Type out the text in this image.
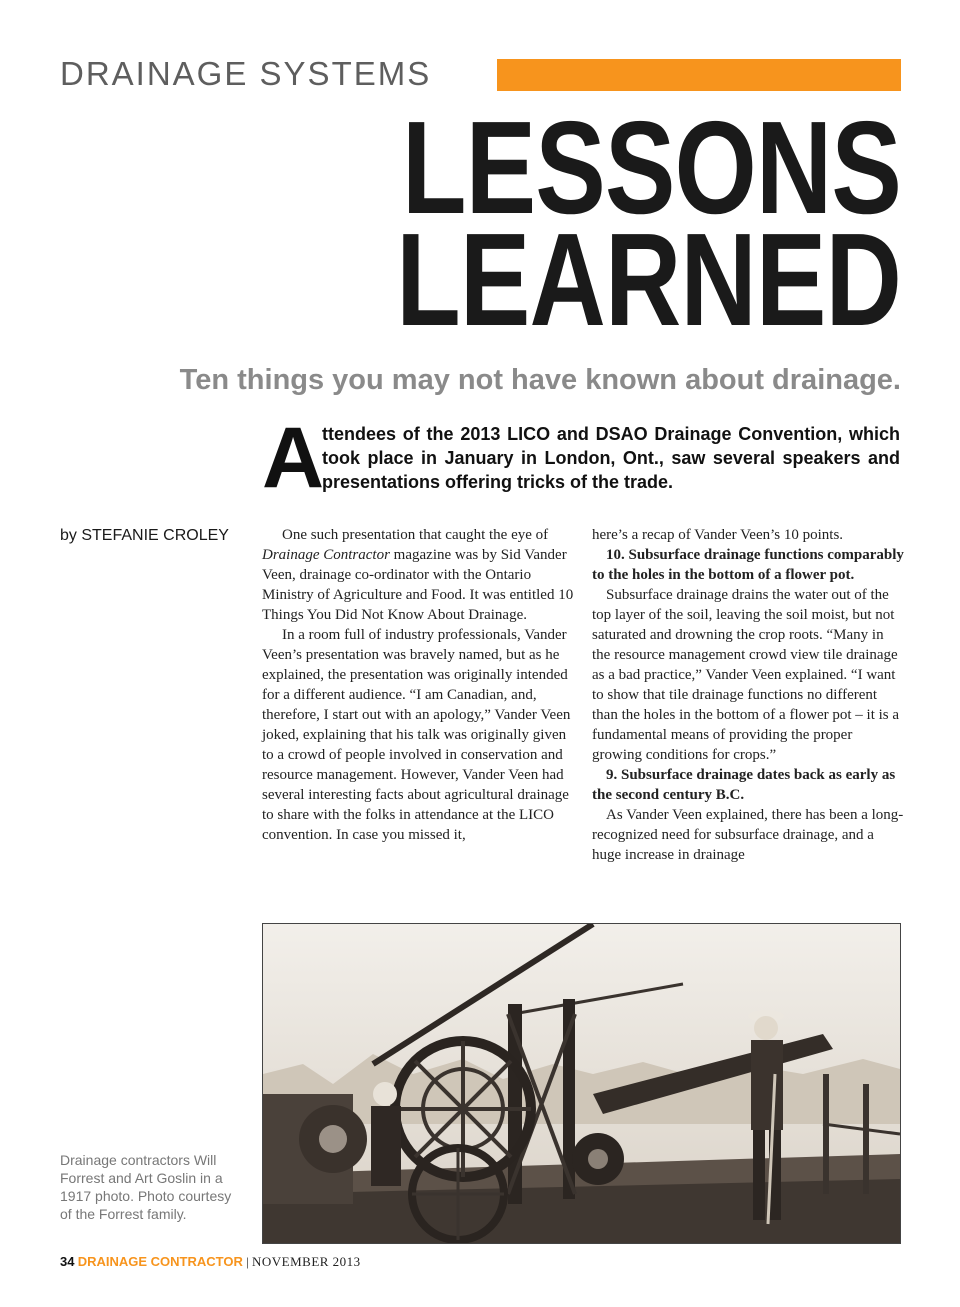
DRAINAGE SYSTEMS
LESSONS
LEARNED
Ten things you may not have known about drainage.
A
ttendees of the 2013 LICO and DSAO Drainage Convention, which took place in January in London, Ont., saw several speakers and presentations offering tricks of the trade.
by STEFANIE CROLEY	One such presentation that caught the eye of Drainage Contractor magazine was by Sid Vander Veen, drainage co-ordinator with the Ontario Ministry of Agriculture and Food. It was entitled 10 Things You Did Not Know About Drainage.

In a room full of industry professionals, Vander Veen’s presentation was bravely named, but as he explained, the presentation was originally intended for a different audience. “I am Canadian, and, therefore, I start out with an apology,” Vander Veen joked, explaining that his talk was originally given to a crowd of people involved in conservation and resource management. However, Vander Veen had several interesting facts about agricultural drainage to share with the folks in attendance at the LICO convention. In case you missed it,

here’s a recap of Vander Veen’s 10 points.

10. Subsurface drainage functions comparably to the holes in the bottom of a flower pot.

Subsurface drainage drains the water out of the top layer of the soil, leaving the soil moist, but not saturated and drowning the crop roots. “Many in the resource management crowd view tile drainage as a bad practice,” Vander Veen explained. “I want to show that tile drainage functions no different than the holes in the bottom of a flower pot – it is a fundamental means of providing the proper growing conditions for crops.”

9. Subsurface drainage dates back as early as the second century B.C.

As Vander Veen explained, there has been a long-recognized need for subsurface drainage, and a huge increase in drainage

Drainage contractors Will Forrest and Art Goslin in a 1917 photo. Photo courtesy of the Forrest family.
34 DRAINAGE CONTRACTOR | NOVEMBER 2013
